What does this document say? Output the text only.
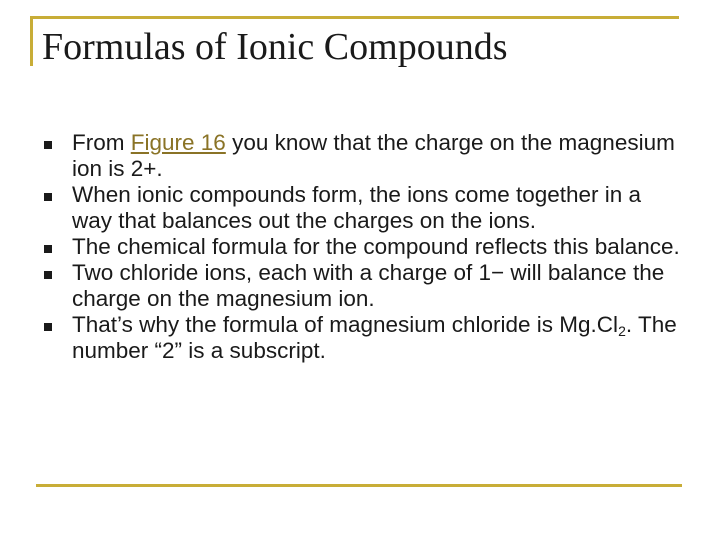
Formulas of Ionic Compounds
From Figure 16 you know that the charge on the magnesium ion is 2+.
When ionic compounds form, the ions come together in a way that balances out the charges on the ions.
The chemical formula for the compound reflects this balance.
Two chloride ions, each with a charge of 1− will balance the charge on the magnesium ion.
That’s why the formula of magnesium chloride is $Mg.Cl_2$. The number “2” is a subscript.
